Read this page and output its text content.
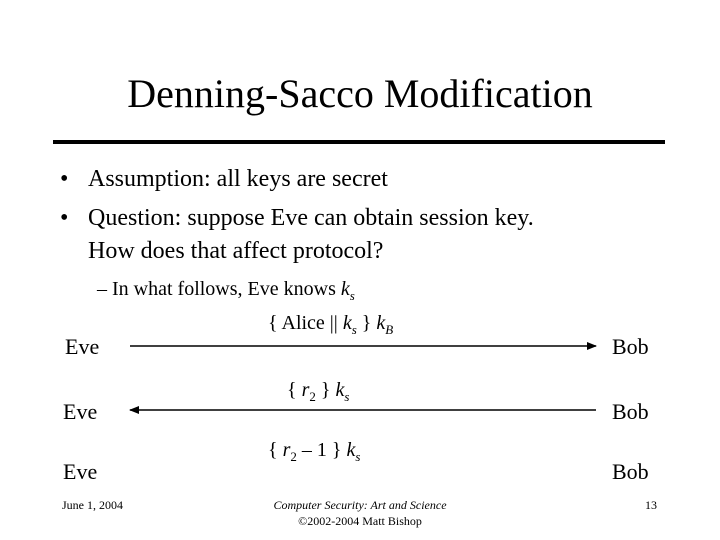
Denning-Sacco Modification
• Assumption: all keys are secret
• Question: suppose Eve can obtain session key.
How does that affect protocol?
– In what follows, Eve knows $k_s$
{ Alice || $k_s$ } $k_B$
Eve	Bob
{ $r_2$ } $k_s$
Eve	Bob
{ $r_2 - 1$ } $k_s$
Eve	Bob
June 1, 2004	Computer Security: Art and Science
©2002-2004 Matt Bishop
13
